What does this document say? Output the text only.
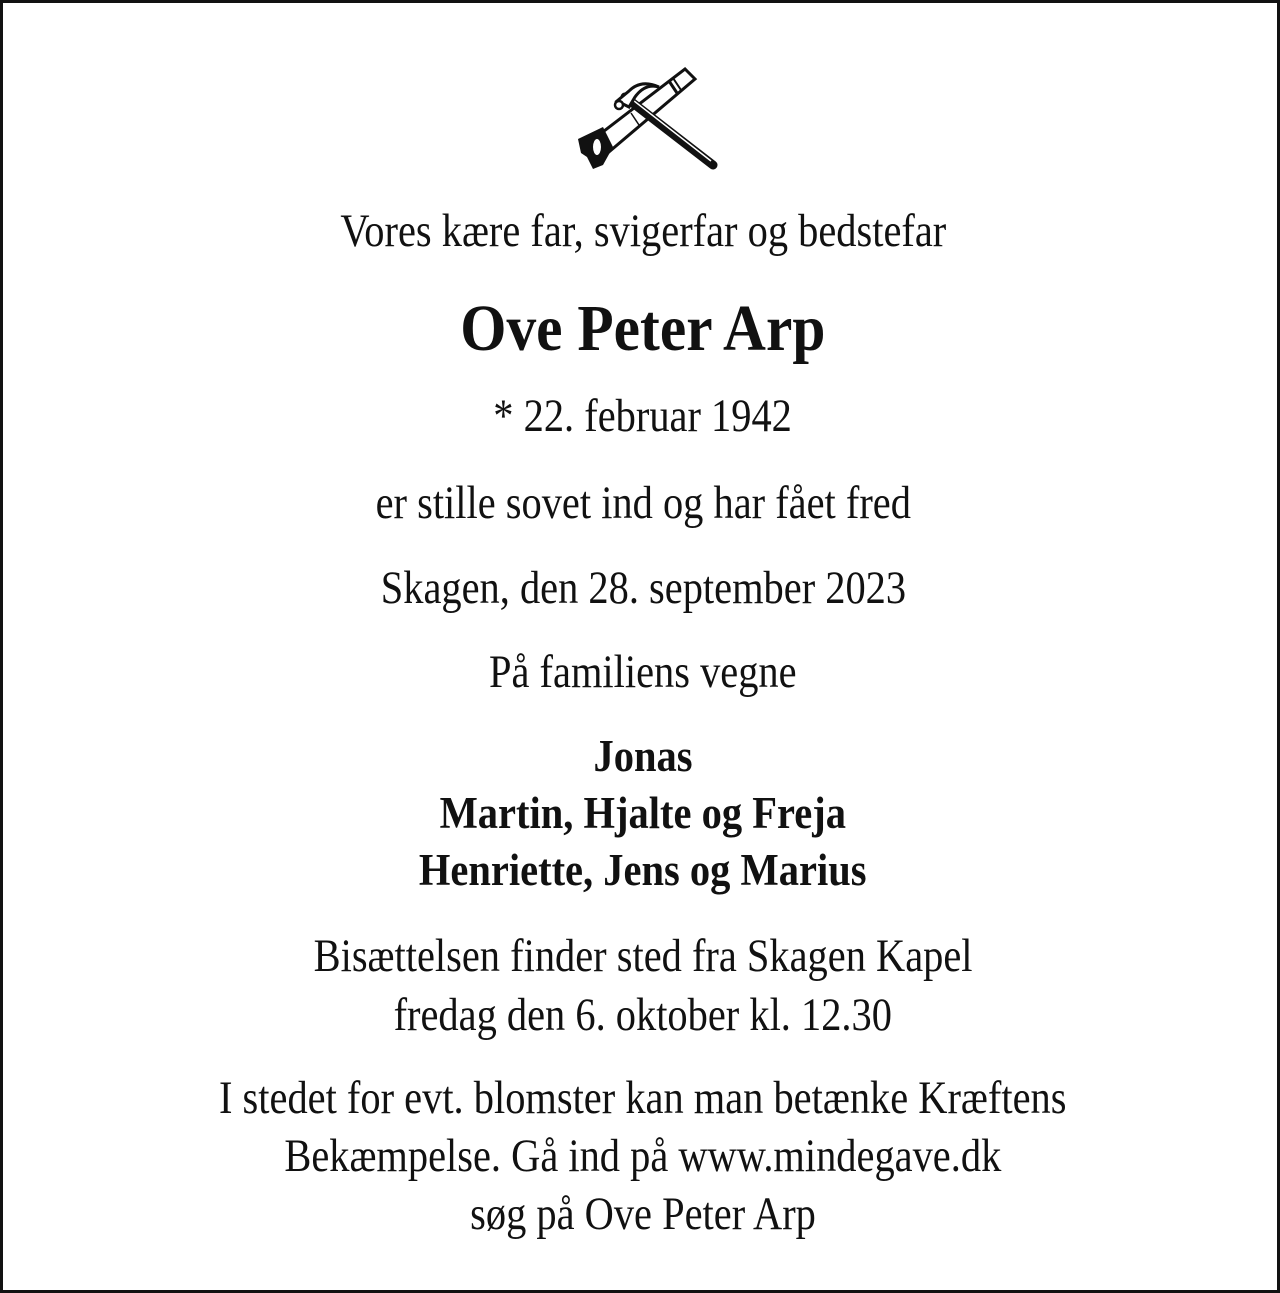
Vores kære far, svigerfar og bedstefar
Ove Peter Arp
* 22. februar 1942
er stille sovet ind og har fået fred
Skagen, den 28. september 2023
På familiens vegne
Jonas
Martin, Hjalte og Freja
Henriette, Jens og Marius
Bisættelsen finder sted fra Skagen Kapel
fredag den 6. oktober kl. 12.30
I stedet for evt. blomster kan man betænke Kræftens
Bekæmpelse. Gå ind på www.mindegave.dk
søg på Ove Peter Arp
